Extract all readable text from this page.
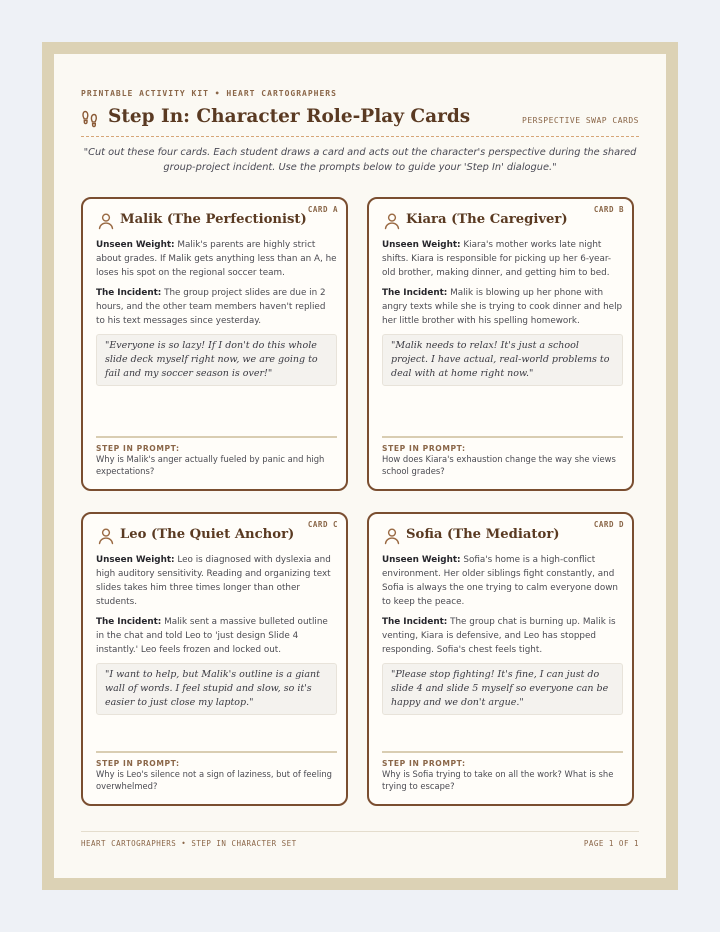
PRINTABLE ACTIVITY KIT • HEART CARTOGRAPHERS
Step In: Character Role-Play Cards	PERSPECTIVE SWAP CARDS
"Cut out these four cards. Each student draws a card and acts out the character's perspective during the shared group-project incident. Use the prompts below to guide your 'Step In' dialogue."
CARD A
Malik (The Perfectionist)

Unseen Weight: Malik's parents are highly strict about grades. If Malik gets anything less than an A, he loses his spot on the regional soccer team.

The Incident: The group project slides are due in 2 hours, and the other team members haven't replied to his text messages since yesterday.

"Everyone is so lazy! If I don't do this whole slide deck myself right now, we are going to fail and my soccer season is over!"
STEP IN PROMPT:
Why is Malik's anger actually fueled by panic and high expectations?
CARD B
Kiara (The Caregiver)

Unseen Weight: Kiara's mother works late night shifts. Kiara is responsible for picking up her 6-year-old brother, making dinner, and getting him to bed.

The Incident: Malik is blowing up her phone with angry texts while she is trying to cook dinner and help her little brother with his spelling homework.

"Malik needs to relax! It's just a school project. I have actual, real-world problems to deal with at home right now."
STEP IN PROMPT:
How does Kiara's exhaustion change the way she views school grades?
CARD C
Leo (The Quiet Anchor)

Unseen Weight: Leo is diagnosed with dyslexia and high auditory sensitivity. Reading and organizing text slides takes him three times longer than other students.

The Incident: Malik sent a massive bulleted outline in the chat and told Leo to 'just design Slide 4 instantly.' Leo feels frozen and locked out.

"I want to help, but Malik's outline is a giant wall of words. I feel stupid and slow, so it's easier to just close my laptop."
STEP IN PROMPT:
Why is Leo's silence not a sign of laziness, but of feeling overwhelmed?
CARD D
Sofia (The Mediator)

Unseen Weight: Sofia's home is a high-conflict environment. Her older siblings fight constantly, and Sofia is always the one trying to calm everyone down to keep the peace.

The Incident: The group chat is burning up. Malik is venting, Kiara is defensive, and Leo has stopped responding. Sofia's chest feels tight.

"Please stop fighting! It's fine, I can just do slide 4 and slide 5 myself so everyone can be happy and we don't argue."
STEP IN PROMPT:
Why is Sofia trying to take on all the work? What is she trying to escape?
HEART CARTOGRAPHERS • STEP IN CHARACTER SET	PAGE 1 OF 1
